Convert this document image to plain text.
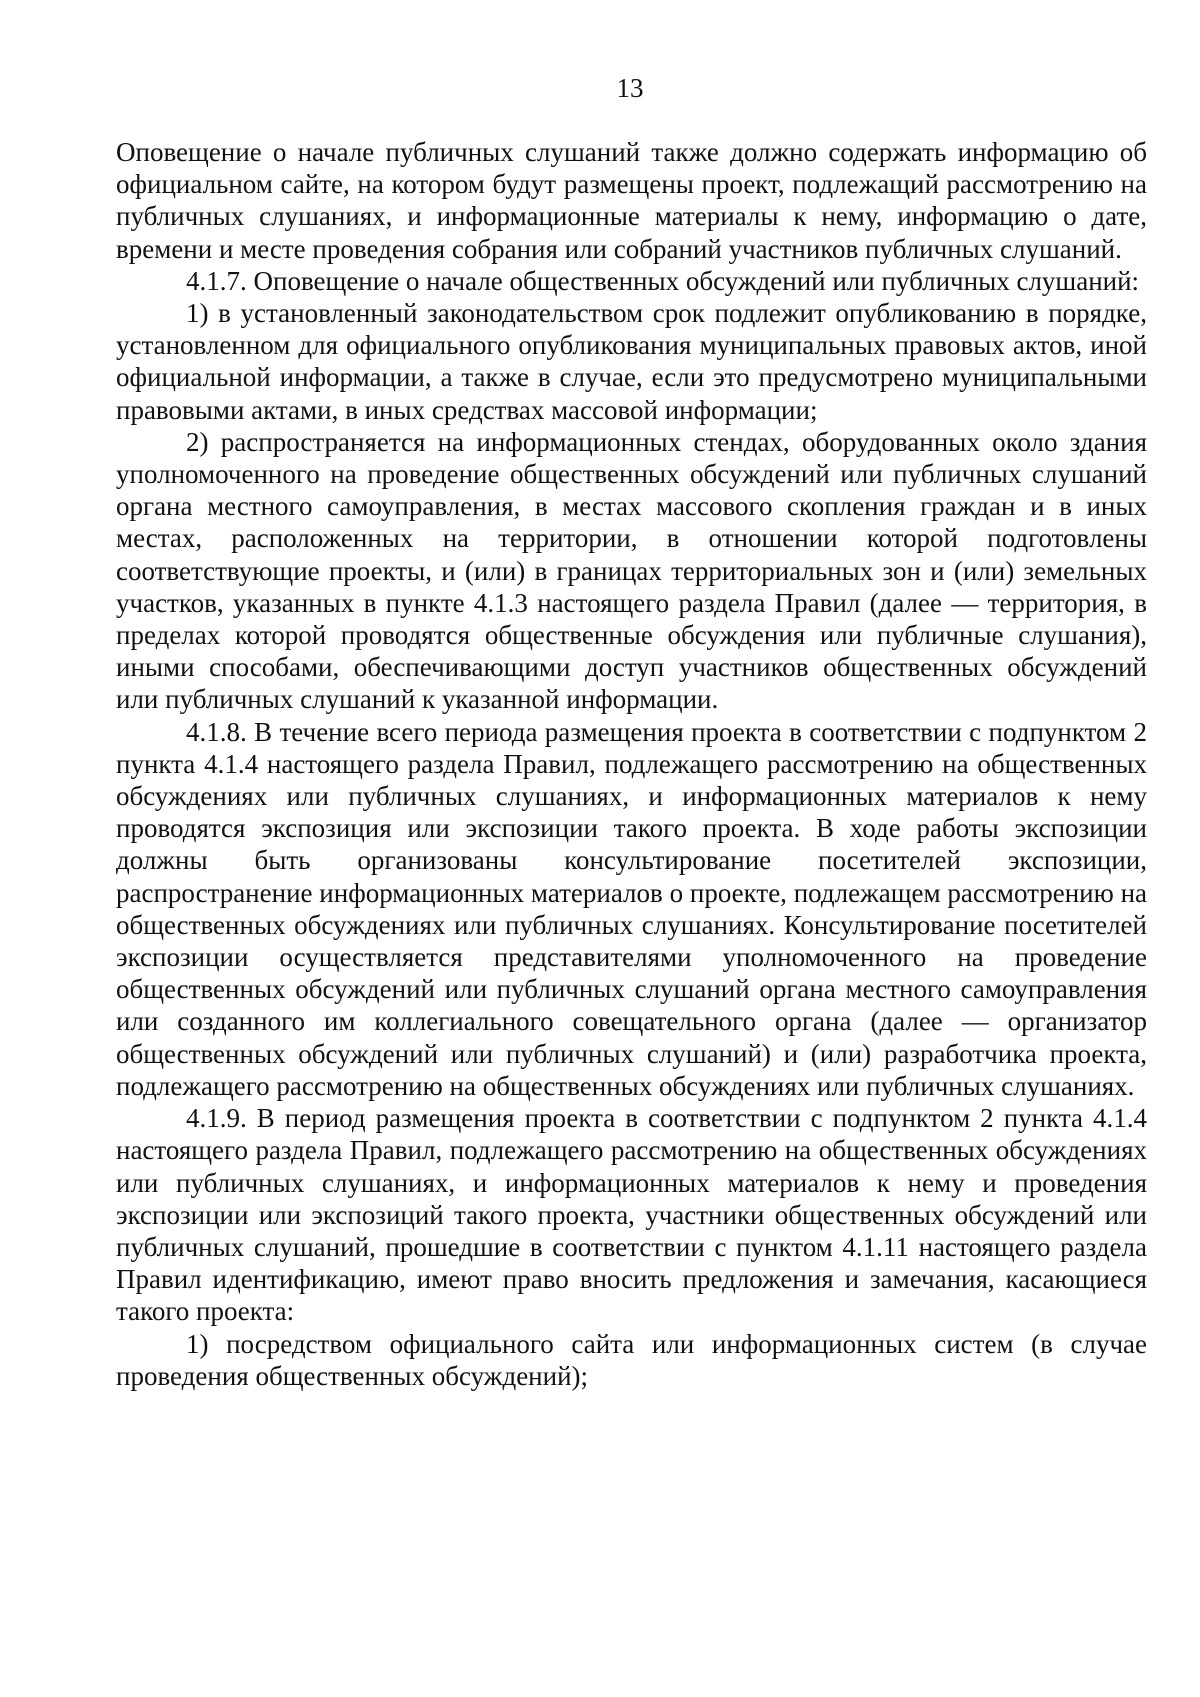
13

Оповещение о начале публичных слушаний также должно содержать информацию об официальном сайте, на котором будут размещены проект, подлежащий рассмотрению на публичных слушаниях, и информационные материалы к нему, информацию о дате, времени и месте проведения собрания или собраний участников публичных слушаний.

4.1.7. Оповещение о начале общественных обсуждений или публичных слушаний:

1) в установленный законодательством срок подлежит опубликованию в порядке, установленном для официального опубликования муниципальных правовых актов, иной официальной информации, а также в случае, если это предусмотрено муниципальными правовыми актами, в иных средствах массовой информации;

2) распространяется на информационных стендах, оборудованных около здания уполномоченного на проведение общественных обсуждений или публичных слушаний органа местного самоуправления, в местах массового скопления граждан и в иных местах, расположенных на территории, в отношении которой подготовлены соответствующие проекты, и (или) в границах территориальных зон и (или) земельных участков, указанных в пункте 4.1.3 настоящего раздела Правил (далее — территория, в пределах которой проводятся общественные обсуждения или публичные слушания), иными способами, обеспечивающими доступ участников общественных обсуждений или публичных слушаний к указанной информации.

4.1.8. В течение всего периода размещения проекта в соответствии с подпунктом 2 пункта 4.1.4 настоящего раздела Правил, подлежащего рассмотрению на общественных обсуждениях или публичных слушаниях, и информационных материалов к нему проводятся экспозиция или экспозиции такого проекта. В ходе работы экспозиции должны быть организованы консультирование посетителей экспозиции, распространение информационных материалов о проекте, подлежащем рассмотрению на общественных обсуждениях или публичных слушаниях. Консультирование посетителей экспозиции осуществляется представителями уполномоченного на проведение общественных обсуждений или публичных слушаний органа местного самоуправления или созданного им коллегиального совещательного органа (далее — организатор общественных обсуждений или публичных слушаний) и (или) разработчика проекта, подлежащего рассмотрению на общественных обсуждениях или публичных слушаниях.

4.1.9. В период размещения проекта в соответствии с подпунктом 2 пункта 4.1.4 настоящего раздела Правил, подлежащего рассмотрению на общественных обсуждениях или публичных слушаниях, и информационных материалов к нему и проведения экспозиции или экспозиций такого проекта, участники общественных обсуждений или публичных слушаний, прошедшие в соответствии с пунктом 4.1.11 настоящего раздела Правил идентификацию, имеют право вносить предложения и замечания, касающиеся такого проекта:

1) посредством официального сайта или информационных систем (в случае проведения общественных обсуждений);
